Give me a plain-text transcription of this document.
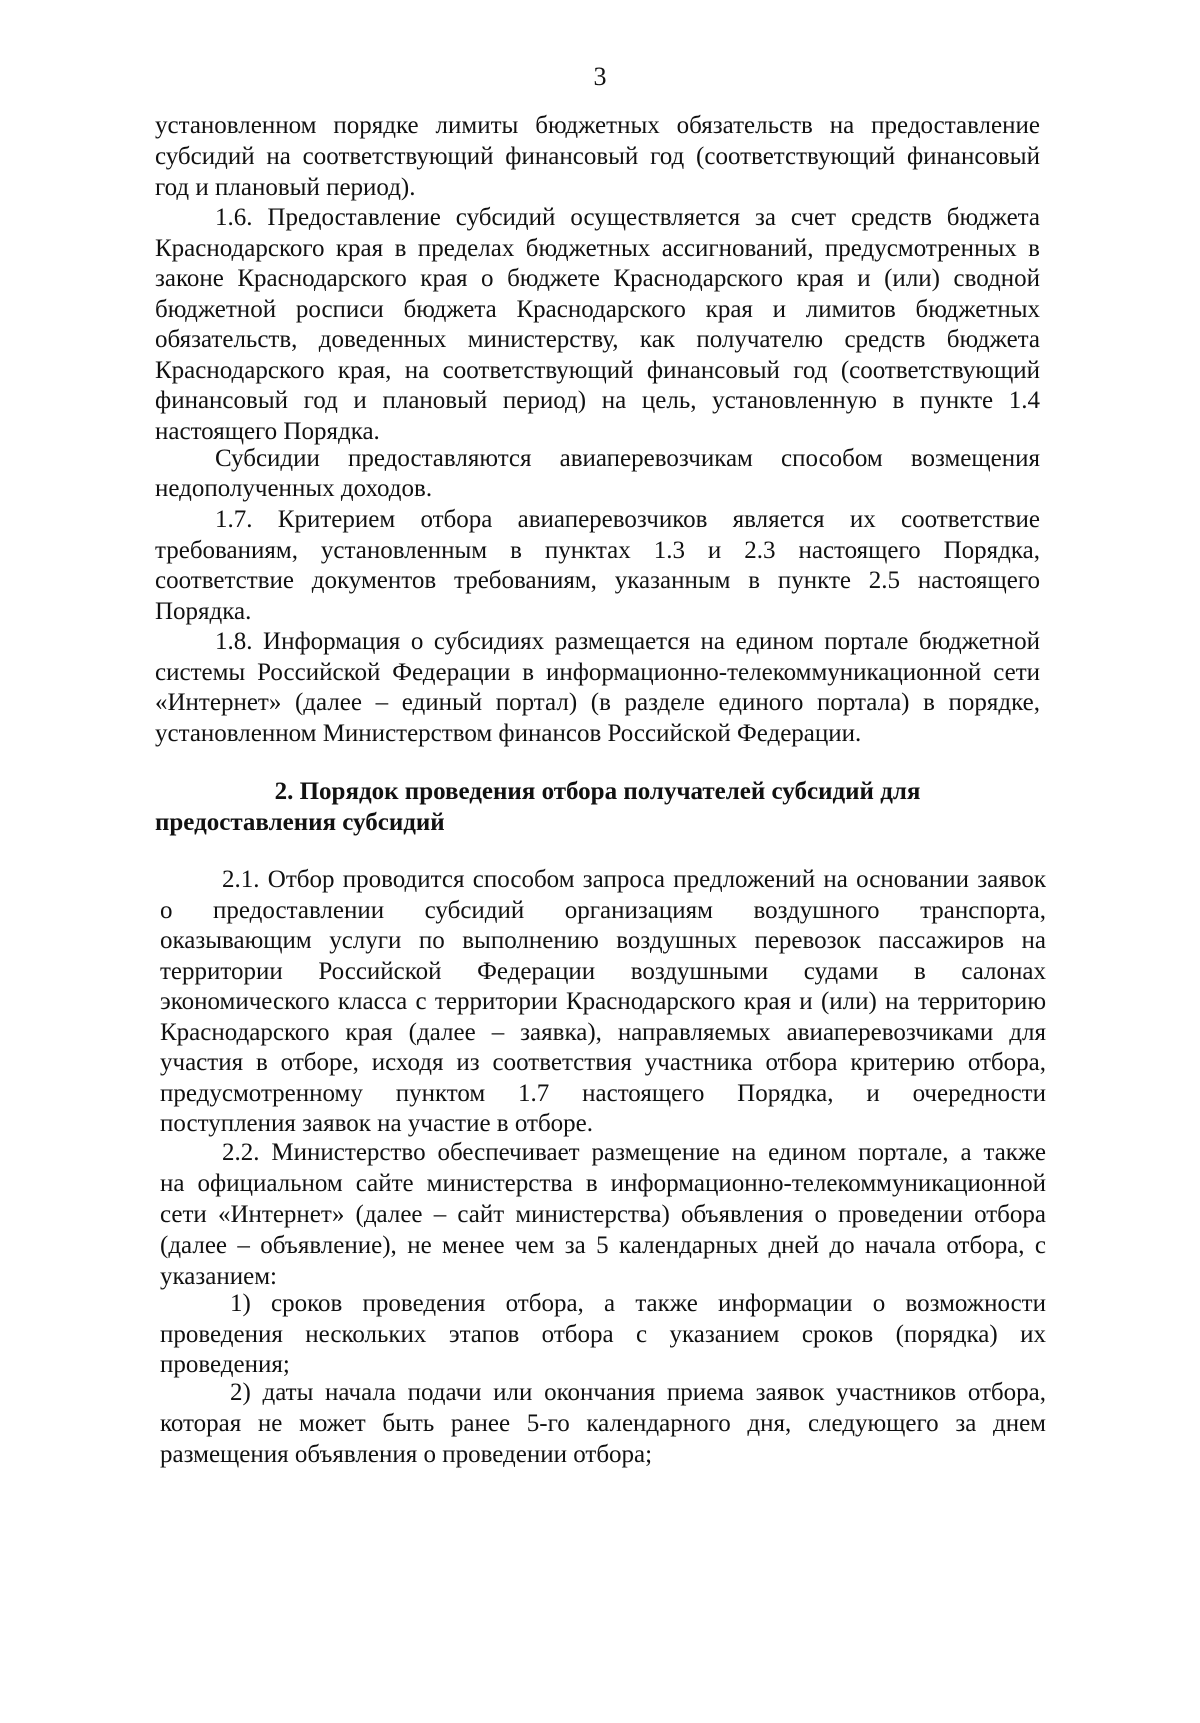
3
установленном порядке лимиты бюджетных обязательств на предоставление
субсидий на соответствующий финансовый год (соответствующий финансовый
год и плановый период).
1.6. Предоставление субсидий осуществляется за счет средств бюджета
Краснодарского края в пределах бюджетных ассигнований, предусмотренных в
законе Краснодарского края о бюджете Краснодарского края и (или) сводной
бюджетной росписи бюджета Краснодарского края и лимитов бюджетных
обязательств, доведенных министерству, как получателю средств бюджета
Краснодарского края, на соответствующий финансовый год (соответствующий
финансовый год и плановый период) на цель, установленную в пункте 1.4
настоящего Порядка.
Субсидии предоставляются авиаперевозчикам способом возмещения
недополученных доходов.
1.7. Критерием отбора авиаперевозчиков является их соответствие
требованиям, установленным в пунктах 1.3 и 2.3 настоящего Порядка,
соответствие документов требованиям, указанным в пункте 2.5 настоящего
Порядка.
1.8. Информация о субсидиях размещается на едином портале бюджетной
системы Российской Федерации в информационно-телекоммуникационной сети
«Интернет» (далее – единый портал) (в разделе единого портала) в порядке,
установленном Министерством финансов Российской Федерации.
2. Порядок проведения отбора получателей субсидий для
предоставления субсидий
2.1. Отбор проводится способом запроса предложений на основании заявок
о предоставлении субсидий организациям воздушного транспорта,
оказывающим услуги по выполнению воздушных перевозок пассажиров на
территории Российской Федерации воздушными судами в салонах
экономического класса с территории Краснодарского края и (или) на территорию
Краснодарского края (далее – заявка), направляемых авиаперевозчиками для
участия в отборе, исходя из соответствия участника отбора критерию отбора,
предусмотренному пунктом 1.7 настоящего Порядка, и очередности
поступления заявок на участие в отборе.
2.2. Министерство обеспечивает размещение на едином портале, а также
на официальном сайте министерства в информационно-телекоммуникационной
сети «Интернет» (далее – сайт министерства) объявления о проведении отбора
(далее – объявление), не менее чем за 5 календарных дней до начала отбора, с
указанием:
1) сроков проведения отбора, а также информации о возможности
проведения нескольких этапов отбора с указанием сроков (порядка) их
проведения;
2) даты начала подачи или окончания приема заявок участников отбора,
которая не может быть ранее 5-го календарного дня, следующего за днем
размещения объявления о проведении отбора;
